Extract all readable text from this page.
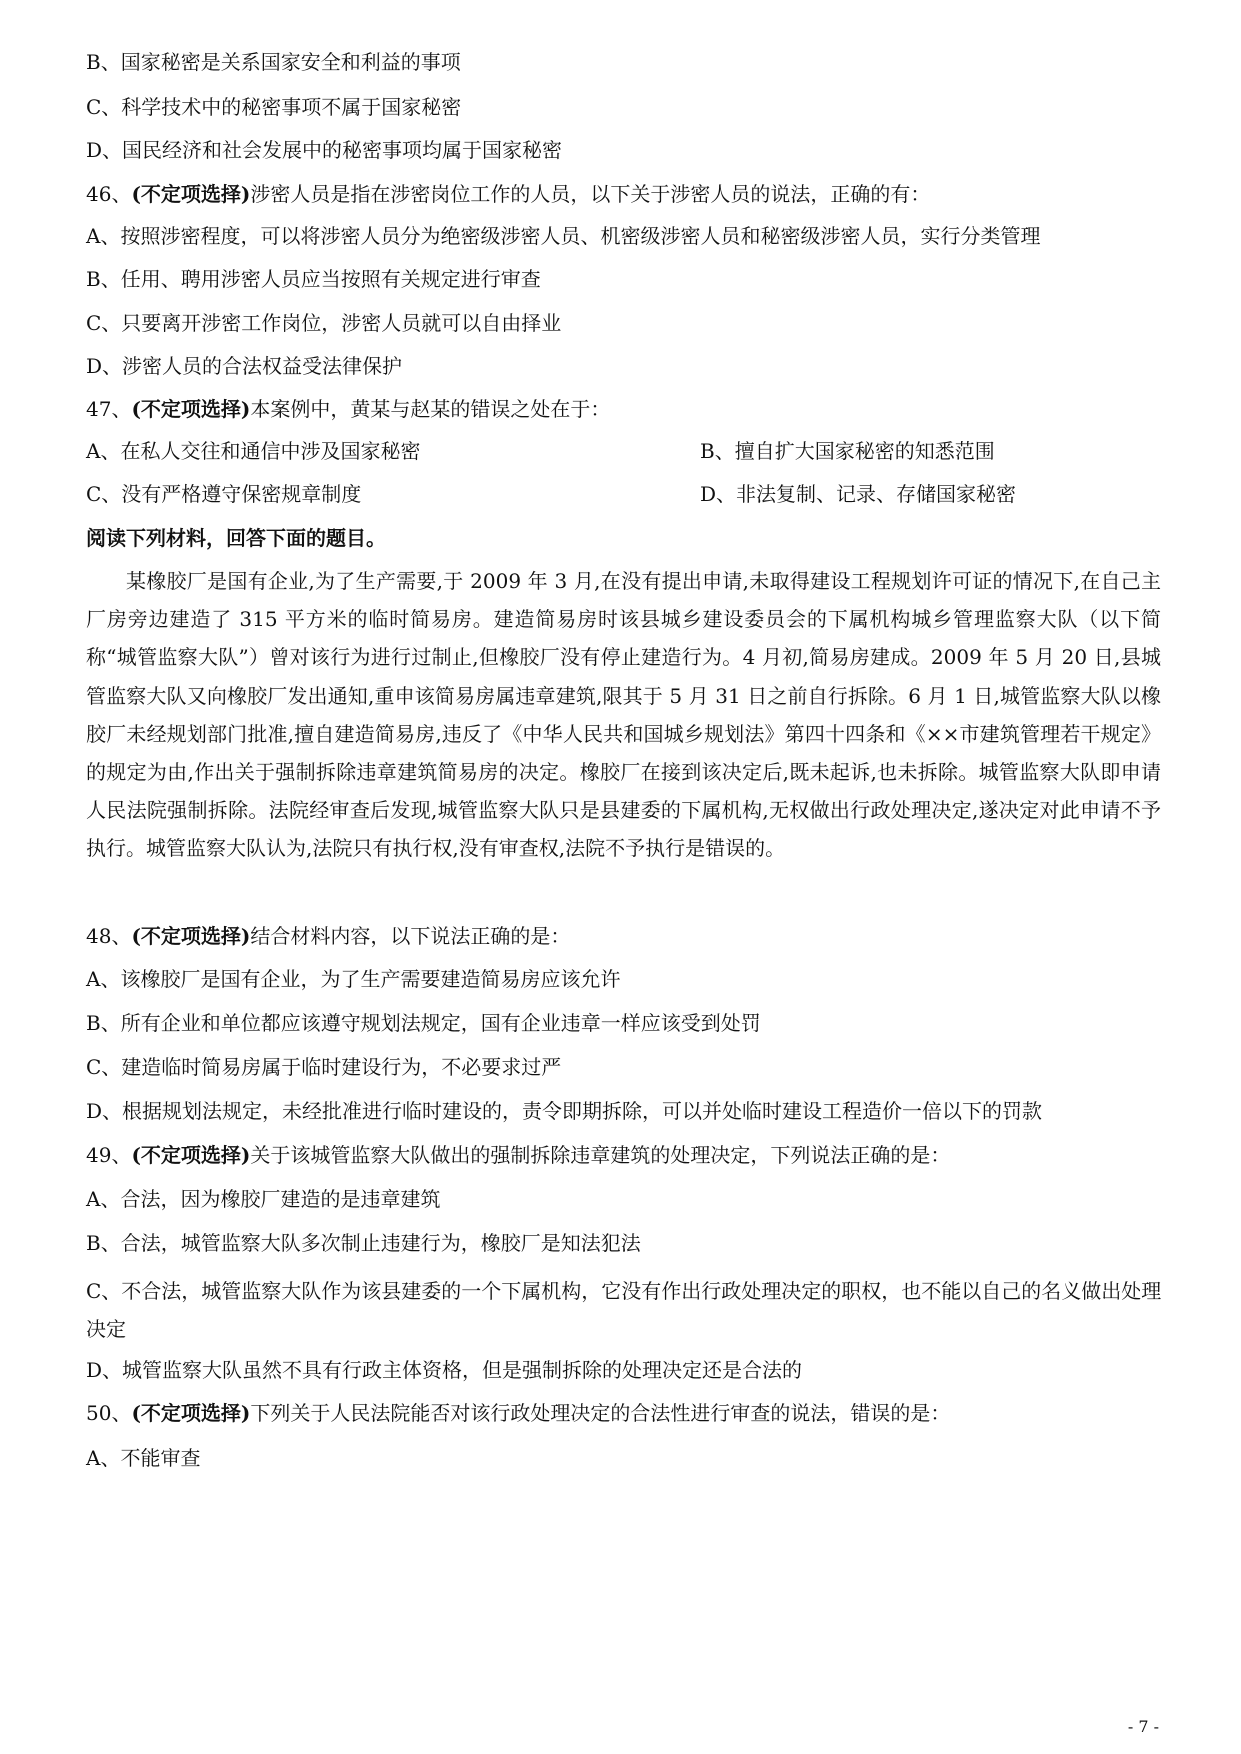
B、国家秘密是关系国家安全和利益的事项
C、科学技术中的秘密事项不属于国家秘密
D、国民经济和社会发展中的秘密事项均属于国家秘密
46、(不定项选择)涉密人员是指在涉密岗位工作的人员，以下关于涉密人员的说法，正确的有：
A、按照涉密程度，可以将涉密人员分为绝密级涉密人员、机密级涉密人员和秘密级涉密人员，实行分类管理
B、任用、聘用涉密人员应当按照有关规定进行审查
C、只要离开涉密工作岗位，涉密人员就可以自由择业
D、涉密人员的合法权益受法律保护
47、(不定项选择)本案例中，黄某与赵某的错误之处在于：
A、在私人交往和通信中涉及国家秘密	B、擅自扩大国家秘密的知悉范围
C、没有严格遵守保密规章制度	D、非法复制、记录、存储国家秘密
阅读下列材料，回答下面的题目。
某橡胶厂是国有企业,为了生产需要,于 2009 年 3 月,在没有提出申请,未取得建设工程规划许可证的情况下,在自己主厂房旁边建造了 315 平方米的临时简易房。建造简易房时该县城乡建设委员会的下属机构城乡管理监察大队（以下简称“城管监察大队”）曾对该行为进行过制止,但橡胶厂没有停止建造行为。4 月初,简易房建成。2009 年 5 月 20 日,县城管监察大队又向橡胶厂发出通知,重申该简易房属违章建筑,限其于 5 月 31 日之前自行拆除。6 月 1 日,城管监察大队以橡胶厂未经规划部门批准,擅自建造简易房,违反了《中华人民共和国城乡规划法》第四十四条和《××市建筑管理若干规定》的规定为由,作出关于强制拆除违章建筑简易房的决定。橡胶厂在接到该决定后,既未起诉,也未拆除。城管监察大队即申请人民法院强制拆除。法院经审查后发现,城管监察大队只是县建委的下属机构,无权做出行政处理决定,遂决定对此申请不予执行。城管监察大队认为,法院只有执行权,没有审查权,法院不予执行是错误的。
48、(不定项选择)结合材料内容，以下说法正确的是：
A、该橡胶厂是国有企业，为了生产需要建造简易房应该允许
B、所有企业和单位都应该遵守规划法规定，国有企业违章一样应该受到处罚
C、建造临时简易房属于临时建设行为，不必要求过严
D、根据规划法规定，未经批准进行临时建设的，责令即期拆除，可以并处临时建设工程造价一倍以下的罚款
49、(不定项选择)关于该城管监察大队做出的强制拆除违章建筑的处理决定，下列说法正确的是：
A、合法，因为橡胶厂建造的是违章建筑
B、合法，城管监察大队多次制止违建行为，橡胶厂是知法犯法
C、不合法，城管监察大队作为该县建委的一个下属机构，它没有作出行政处理决定的职权，也不能以自己的名义做出处理决定
D、城管监察大队虽然不具有行政主体资格，但是强制拆除的处理决定还是合法的
50、(不定项选择)下列关于人民法院能否对该行政处理决定的合法性进行审查的说法，错误的是：
A、不能审查
- 7 -
